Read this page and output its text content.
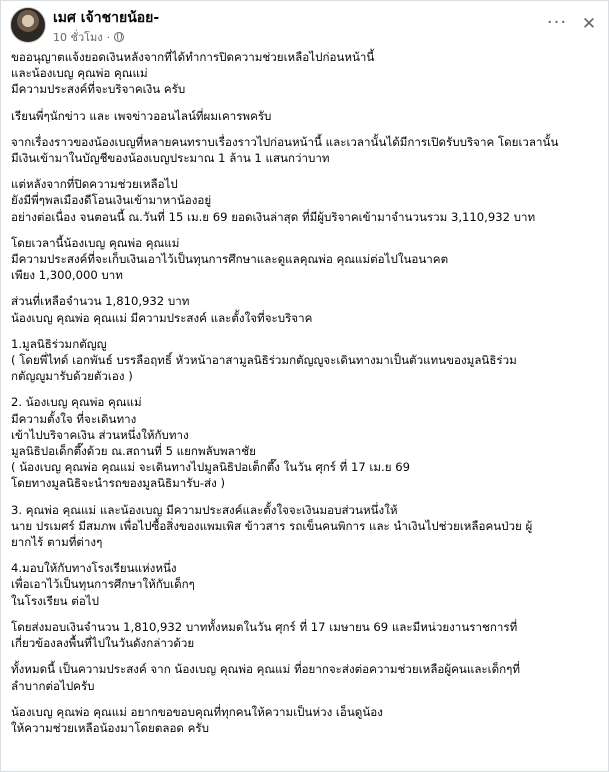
เมศ เจ้าชายน้อย-
10 ชั่วโมง ·
··· ✕
ขออนุญาตแจ้งยอดเงินหลังจากที่ได้ทำการปิดความช่วยเหลือไปก่อนหน้านี้
และน้องเบญ คุณพ่อ คุณแม่
มีความประสงค์ที่จะบริจาคเงิน ครับ
เรียนพี่ๆนักข่าว และ เพจข่าวออนไลน์ที่ผมเคารพครับ
จากเรื่องราวของน้องเบญที่หลายคนทราบเรื่องราวไปก่อนหน้านี้ และเวลานั้นได้มีการเปิดรับบริจาค โดยเวลานั้น
มีเงินเข้ามาในบัญชีของน้องเบญประมาณ 1 ล้าน 1 แสนกว่าบาท
แต่หลังจากที่ปิดความช่วยเหลือไป
ยังมีพี่ๆพลเมืองดีโอนเงินเข้ามาหาน้องอยู่
อย่างต่อเนื่อง จนตอนนี้ ณ.วันที่ 15 เม.ย 69 ยอดเงินล่าสุด ที่มีผู้บริจาคเข้ามาจำนวนรวม 3,110,932 บาท
โดยเวลานี้น้องเบญ คุณพ่อ คุณแม่
มีความประสงค์ที่จะเก็บเงินเอาไว้เป็นทุนการศึกษาและดูแลคุณพ่อ คุณแม่ต่อไปในอนาคต
เพียง 1,300,000 บาท
ส่วนที่เหลือจำนวน 1,810,932 บาท
น้องเบญ คุณพ่อ คุณแม่ มีความประสงค์ และตั้งใจที่จะบริจาค
1.มูลนิธิร่วมกตัญญู
( โดยพี่ไทด์ เอกพันธ์ บรรลือฤทธิ์ หัวหน้าอาสามูลนิธิร่วมกตัญญูจะเดินทางมาเป็นตัวแทนของมูลนิธิร่วม
กตัญญูมารับด้วยตัวเอง )
2. น้องเบญ คุณพ่อ คุณแม่
มีความตั้งใจ ที่จะเดินทาง
เข้าไปบริจาคเงิน ส่วนหนึ่งให้กับทาง
มูลนิธิปอเด็กตึ๊งด้วย ณ.สถานที่ 5 แยกพลับพลาชัย
( น้องเบญ คุณพ่อ คุณแม่ จะเดินทางไปมูลนิธิปอเต็กตึ๊ง ในวัน ศุกร์ ที่ 17 เม.ย 69
โดยทางมูลนิธิจะนำรถของมูลนิธิมารับ-ส่ง )
3. คุณพ่อ คุณแม่ และน้องเบญ มีความประสงค์และตั้งใจจะเงินมอบส่วนหนึ่งให้
นาย ปรเมศร์ มีสมภพ เพื่อไปซื้อสิ่งของแพมเพิส ข้าวสาร รถเข็นคนพิการ และ นำเงินไปช่วยเหลือคนป่วย ผู้
ยากไร้ ตามที่ต่างๆ
4.มอบให้กับทางโรงเรียนแห่งหนึ่ง
เพื่อเอาไว้เป็นทุนการศึกษาให้กับเด็กๆ
ในโรงเรียน ต่อไป
โดยส่งมอบเงินจำนวน 1,810,932 บาททั้งหมดในวัน ศุกร์ ที่ 17 เมษายน 69 และมีหน่วยงานราชการที่
เกี่ยวข้องลงพื้นที่ไปในวันดังกล่าวด้วย
ทั้งหมดนี้ เป็นความประสงค์ จาก น้องเบญ คุณพ่อ คุณแม่ ที่อยากจะส่งต่อความช่วยเหลือผู้คนและเด็กๆที่
ลำบากต่อไปครับ
น้องเบญ คุณพ่อ คุณแม่ อยากขอขอบคุณที่ทุกคนให้ความเป็นห่วง เอ็นดูน้อง
ให้ความช่วยเหลือน้องมาโดยตลอด ครับ
